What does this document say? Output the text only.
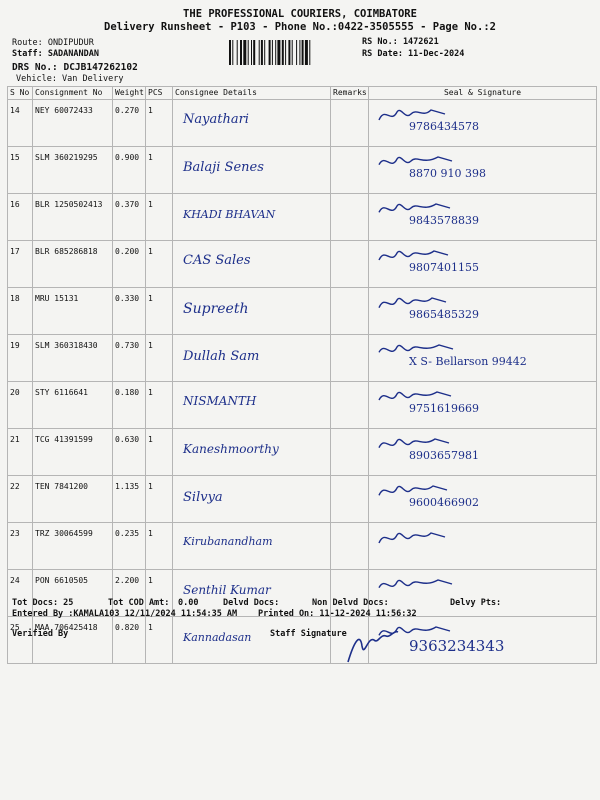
THE PROFESSIONAL COURIERS, COIMBATORE
Delivery Runsheet - P103 - Phone No.:0422-3505555 - Page No.:2
Route: ONDIPUDUR
Staff: SADANANDAN
DRS No.: DCJB147262102
Vehicle: Van Delivery
RS No.: 1472621
RS Date: 11-Dec-2024
S No	Consignment No	Weight	PCS	Consignee Details	Remarks	Seal & Signature
14	NEY 60072433	0.270	1	Nayathari		9786434578

15	SLM 360219295	0.900	1	Balaji Senes		8870 910 398

16	BLR 1250502413	0.370	1	KHADI BHAVAN		9843578839

17	BLR 685286818	0.200	1	CAS Sales		9807401155

18	MRU 15131	0.330	1	Supreeth		9865485329

19	SLM 360318430	0.730	1	Dullah Sam		X S- Bellarson 99442

20	STY 6116641	0.180	1	NISMANTH		9751619669

21	TCG 41391599	0.630	1	Kaneshmoorthy		8903657981

22	TEN 7841200	1.135	1	Silvya		9600466902

23	TRZ 30064599	0.235	1	Kirubanandham

24	PON 6610505	2.200	1	Senthil Kumar

25	MAA 706425418	0.820	1	Kannadasan		9363234343
Tot Docs: 25	Tot COD Amt: 0.00	Delvd Docs:	Non Delvd Docs:	Delvy Pts:
Entered By :KAMALA103 12/11/2024 11:54:35 AM Printed On: 11-12-2024 11:56:32
Verified By	Staff Signature
